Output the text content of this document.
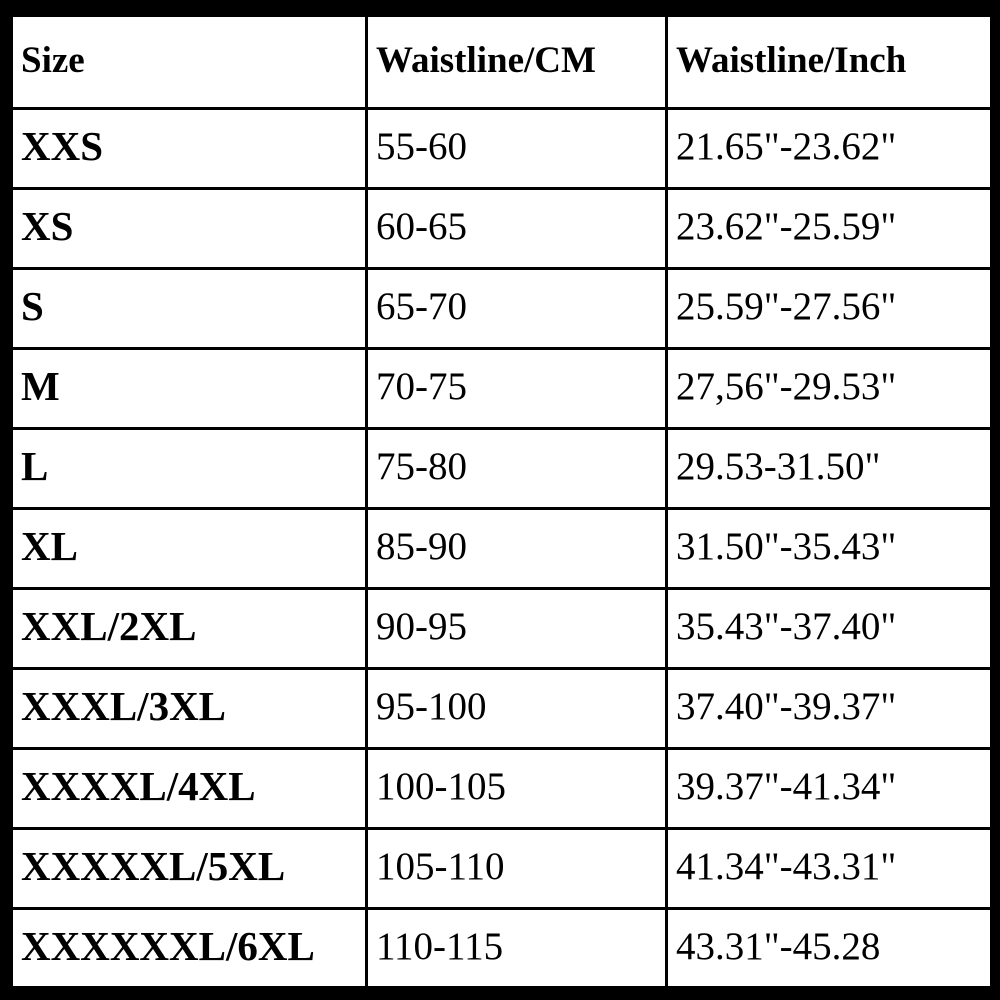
Size	Waistline/CM	Waistline/Inch
XXS	55-60	21.65"-23.62"
XS	60-65	23.62"-25.59"
S	65-70	25.59"-27.56"
M	70-75	27,56"-29.53"
L	75-80	29.53-31.50"
XL	85-90	31.50"-35.43"
XXL/2XL	90-95	35.43"-37.40"
XXXL/3XL	95-100	37.40"-39.37"
XXXXL/4XL	100-105	39.37"-41.34"
XXXXXL/5XL	105-110	41.34"-43.31"
XXXXXXL/6XL	110-115	43.31"-45.28
